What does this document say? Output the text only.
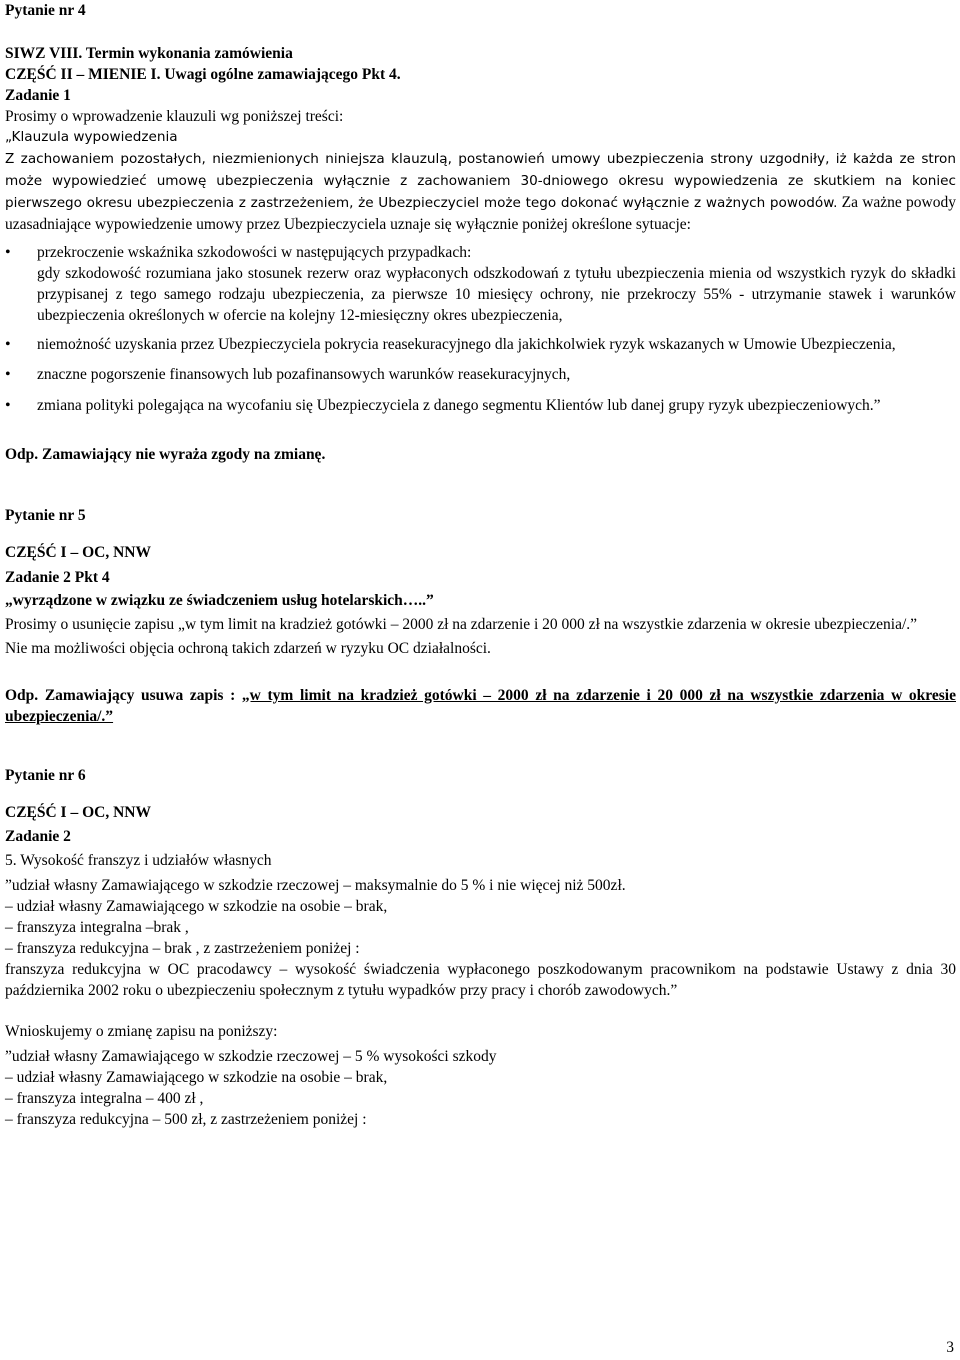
Pytanie nr 4

SIWZ VIII. Termin wykonania zamówienia

CZĘŚĆ II – MIENIE I. Uwagi ogólne zamawiającego Pkt 4.

Zadanie 1

Prosimy o wprowadzenie klauzuli wg poniższej treści:

„Klauzula wypowiedzenia

Z zachowaniem pozostałych, niezmienionych niniejsza klauzulą, postanowień umowy ubezpieczenia strony uzgodniły, iż każda ze stron może wypowiedzieć umowę ubezpieczenia wyłącznie z zachowaniem 30-dniowego okresu wypowiedzenia ze skutkiem na koniec pierwszego okresu ubezpieczenia z zastrzeżeniem, że Ubezpieczyciel może tego dokonać wyłącznie z ważnych powodów. Za ważne powody uzasadniające wypowiedzenie umowy przez Ubezpieczyciela uznaje się wyłącznie poniżej określone sytuacje:

• przekroczenie wskaźnika szkodowości w następujących przypadkach:
gdy szkodowość rozumiana jako stosunek rezerw oraz wypłaconych odszkodowań z tytułu ubezpieczenia mienia od wszystkich ryzyk do składki przypisanej z tego samego rodzaju ubezpieczenia, za pierwsze 10 miesięcy ochrony, nie przekroczy 55% - utrzymanie stawek i warunków ubezpieczenia określonych w ofercie na kolejny 12-miesięczny okres ubezpieczenia,
• niemożność uzyskania przez Ubezpieczyciela pokrycia reasekuracyjnego dla jakichkolwiek ryzyk wskazanych w Umowie Ubezpieczenia,
• znaczne pogorszenie finansowych lub pozafinansowych warunków reasekuracyjnych,
• zmiana polityki polegająca na wycofaniu się Ubezpieczyciela z danego segmentu Klientów lub danej grupy ryzyk ubezpieczeniowych.”

Odp. Zamawiający nie wyraża zgody na zmianę.

Pytanie nr 5

CZĘŚĆ I – OC, NNW

Zadanie 2 Pkt 4

„wyrządzone w związku ze świadczeniem usług hotelarskich…..”

Prosimy o usunięcie zapisu „w tym limit na kradzież gotówki – 2000 zł na zdarzenie i 20 000 zł na wszystkie zdarzenia w okresie ubezpieczenia/.”

Nie ma możliwości objęcia ochroną takich zdarzeń w ryzyku OC działalności.

Odp. Zamawiający usuwa zapis : „w tym limit na kradzież gotówki – 2000 zł na zdarzenie i 20 000 zł na wszystkie zdarzenia w okresie ubezpieczenia/.”

Pytanie nr 6

CZĘŚĆ I – OC, NNW

Zadanie 2

5. Wysokość franszyz i udziałów własnych

”udział własny Zamawiającego w szkodzie rzeczowej – maksymalnie do 5 % i nie więcej niż 500zł.

– udział własny Zamawiającego w szkodzie na osobie – brak,

– franszyza integralna –brak ,

– franszyza redukcyjna – brak , z zastrzeżeniem poniżej :

franszyza redukcyjna w OC pracodawcy – wysokość świadczenia wypłaconego poszkodowanym pracownikom na podstawie Ustawy z dnia 30 października 2002 roku o ubezpieczeniu społecznym z tytułu wypadków przy pracy i chorób zawodowych.”

Wnioskujemy o zmianę zapisu na poniższy:

”udział własny Zamawiającego w szkodzie rzeczowej – 5 % wysokości szkody

– udział własny Zamawiającego w szkodzie na osobie – brak,

– franszyza integralna – 400 zł ,

– franszyza redukcyjna – 500 zł, z zastrzeżeniem poniżej :

3
